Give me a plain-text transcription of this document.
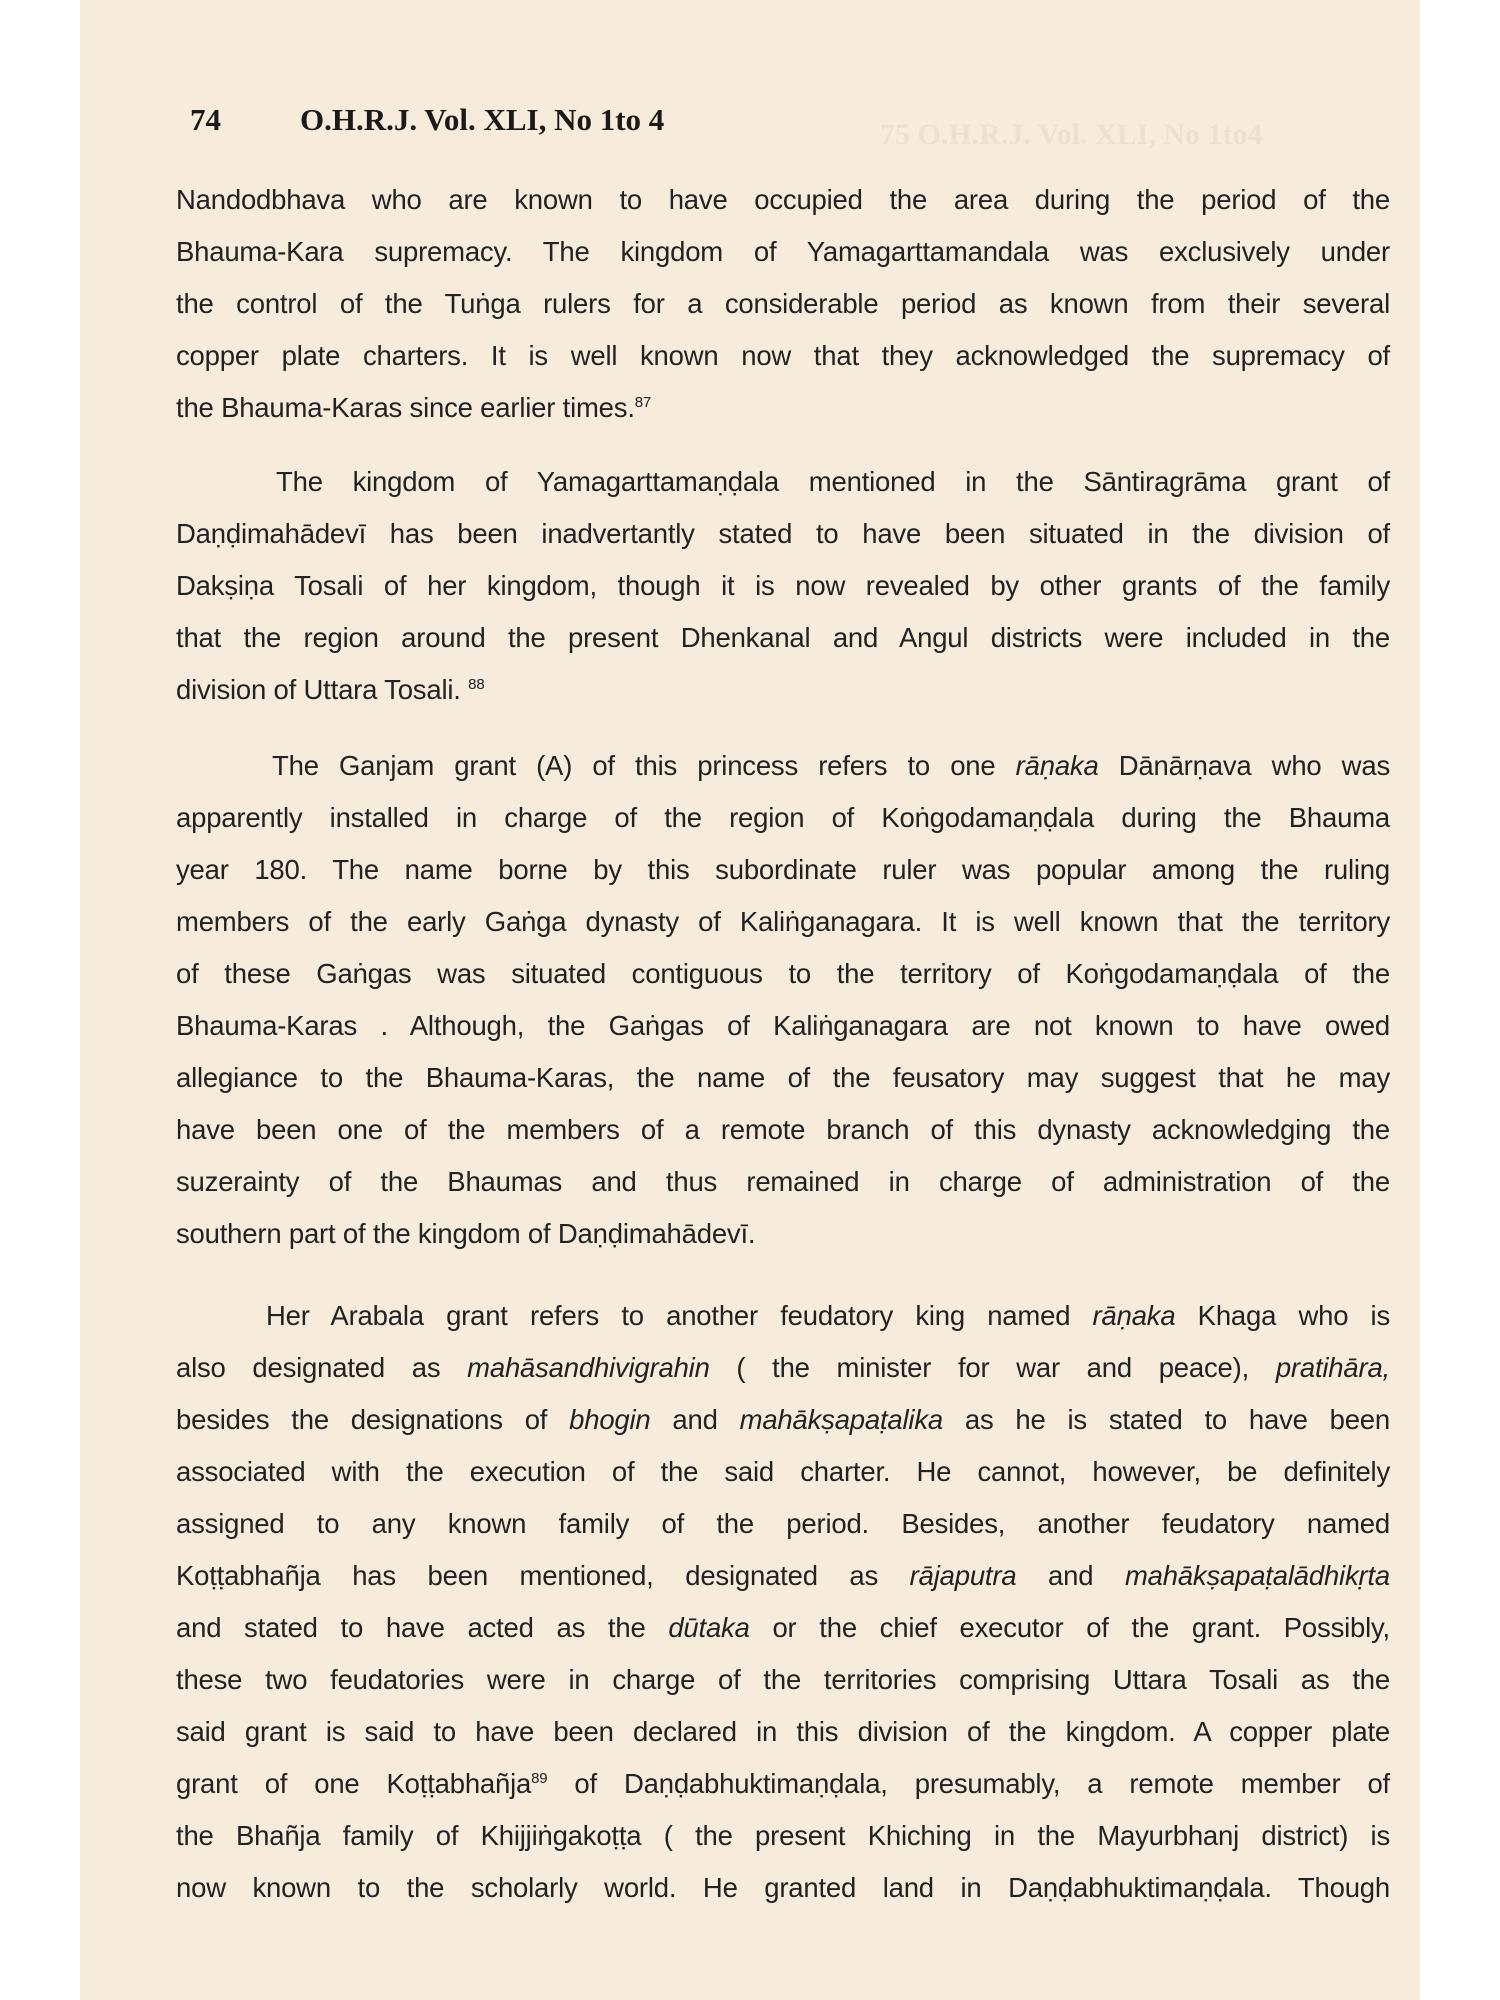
75 O.H.R.J. Vol. XLI, No 1to4
74	O.H.R.J. Vol. XLI, No 1to 4
Nandodbhava who are known to have occupied the area during the period of the
Bhauma-Kara supremacy. The kingdom of Yamagarttamandala was exclusively under
the control of the Tuṅga rulers for a considerable period as known from their several
copper plate charters. It is well known now that they acknowledged the supremacy of
the Bhauma-Karas since earlier times.$^{87}$
The kingdom of Yamagarttamaṇḍala mentioned in the Sāntiragrāma grant of
Daṇḍimahādevī has been inadvertantly stated to have been situated in the division of
Dakṣiṇa Tosali of her kingdom, though it is now revealed by other grants of the family
that the region around the present Dhenkanal and Angul districts were included in the
division of Uttara Tosali. $^{88}$
The Ganjam grant (A) of this princess refers to one rāṇaka Dānārṇava who was
apparently installed in charge of the region of Koṅgodamaṇḍala during the Bhauma
year 180. The name borne by this subordinate ruler was popular among the ruling
members of the early Gaṅga dynasty of Kaliṅganagara. It is well known that the territory
of these Gaṅgas was situated contiguous to the territory of Koṅgodamaṇḍala of the
Bhauma-Karas . Although, the Gaṅgas of Kaliṅganagara are not known to have owed
allegiance to the Bhauma-Karas, the name of the feusatory may suggest that he may
have been one of the members of a remote branch of this dynasty acknowledging the
suzerainty of the Bhaumas and thus remained in charge of administration of the
southern part of the kingdom of Daṇḍimahādevī.
Her Arabala grant refers to another feudatory king named rāṇaka Khaga who is
also designated as mahāsandhivigrahin ( the minister for war and peace), pratihāra,
besides the designations of bhogin and mahākṣapaṭalika as he is stated to have been
associated with the execution of the said charter. He cannot, however, be definitely
assigned to any known family of the period. Besides, another feudatory named
Koṭṭabhañja has been mentioned, designated as rājaputra and mahākṣapaṭalādhikṛta
and stated to have acted as the dūtaka or the chief executor of the grant. Possibly,
these two feudatories were in charge of the territories comprising Uttara Tosali as the
said grant is said to have been declared in this division of the kingdom. A copper plate
grant of one Koṭṭabhañja$^{89}$ of Daṇḍabhuktimaṇḍala, presumably, a remote member of
the Bhañja family of Khijjiṅgakoṭṭa ( the present Khiching in the Mayurbhanj district) is
now known to the scholarly world. He granted land in Daṇḍabhuktimaṇḍala. Though
